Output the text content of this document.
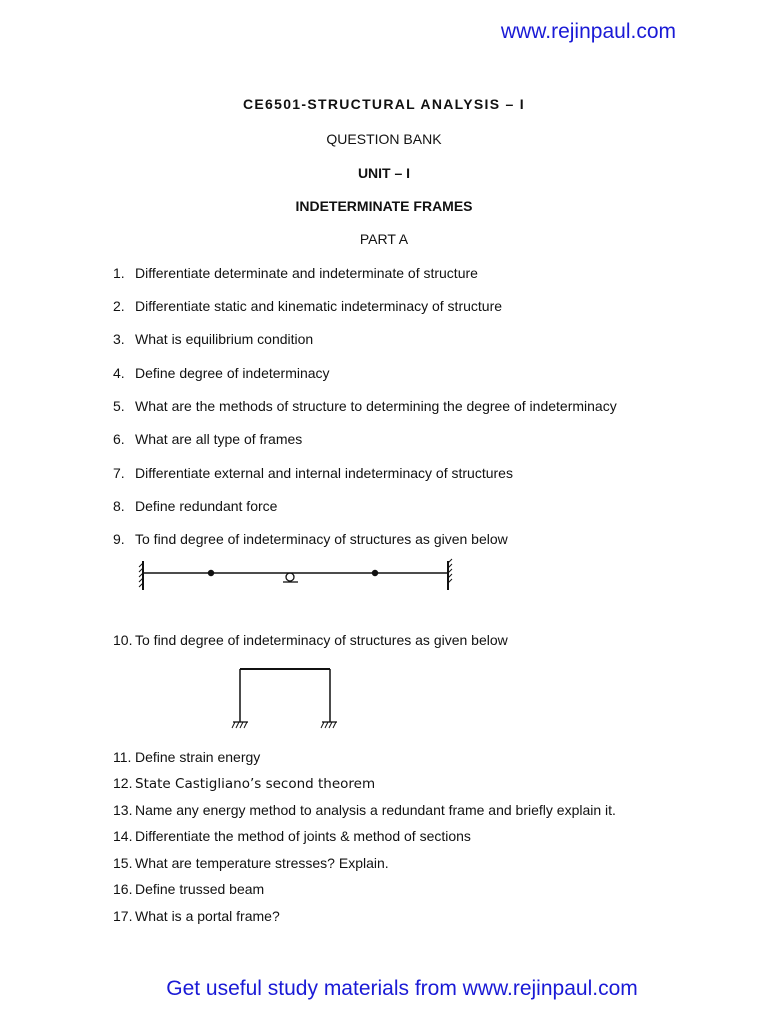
www.rejinpaul.com
CE6501-STRUCTURAL ANALYSIS – I
QUESTION BANK
UNIT – I
INDETERMINATE FRAMES
PART A
1. Differentiate determinate and indeterminate of structure
2. Differentiate static and kinematic indeterminacy of structure
3. What is equilibrium condition
4. Define degree of indeterminacy
5. What are the methods of structure to determining the degree of indeterminacy
6. What are all type of frames
7. Differentiate external and internal indeterminacy of structures
8. Define redundant force
9. To find degree of indeterminacy of structures as given below
10. To find degree of indeterminacy of structures as given below
11. Define strain energy
12. State Castigliano’s second theorem
13. Name any energy method to analysis a redundant frame and briefly explain it.
14. Differentiate the method of joints & method of sections
15. What are temperature stresses? Explain.
16. Define trussed beam
17. What is a portal frame?
Get useful study materials from www.rejinpaul.com
